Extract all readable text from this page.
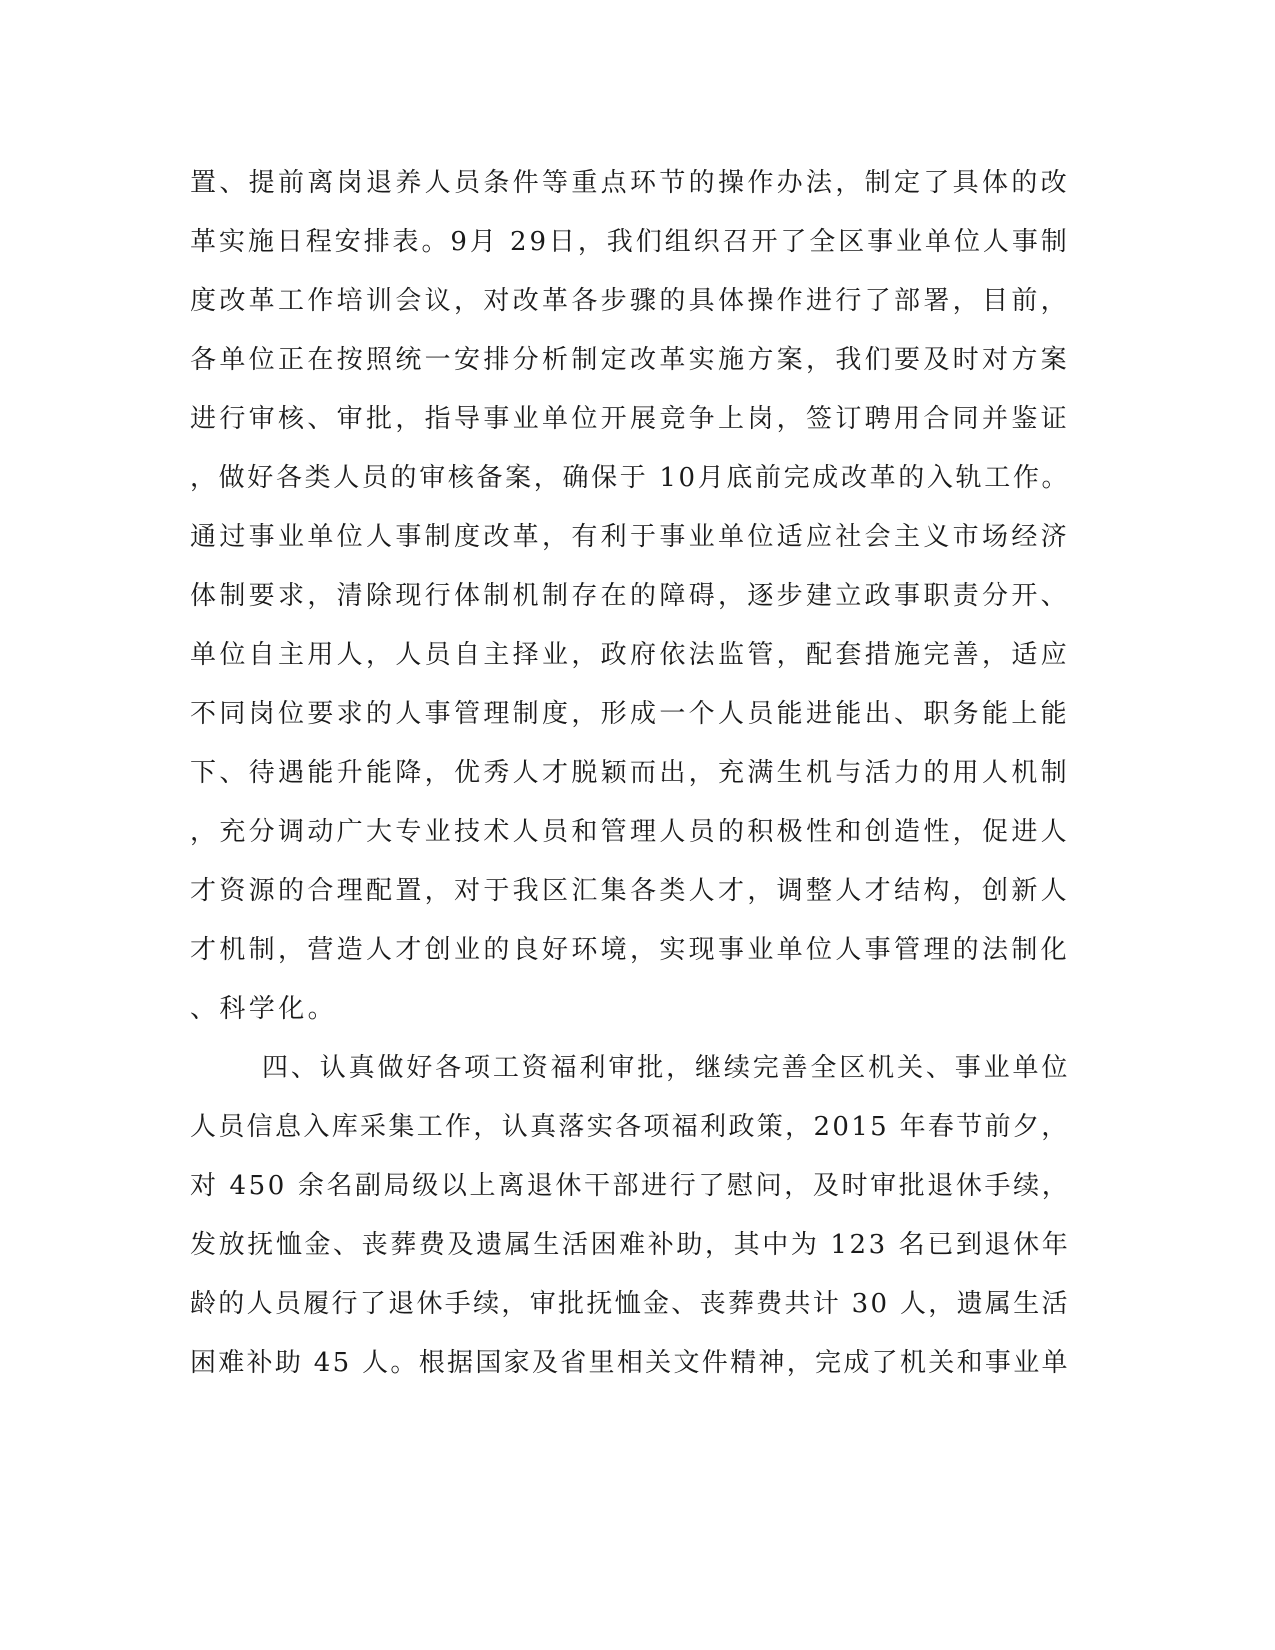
置、提前离岗退养人员条件等重点环节的操作办法，制定了具体的改
革实施日程安排表。9月 29日，我们组织召开了全区事业单位人事制
度改革工作培训会议，对改革各步骤的具体操作进行了部署，目前，
各单位正在按照统一安排分析制定改革实施方案，我们要及时对方案
进行审核、审批，指导事业单位开展竞争上岗，签订聘用合同并鉴证
，做好各类人员的审核备案，确保于 10月底前完成改革的入轨工作。
通过事业单位人事制度改革，有利于事业单位适应社会主义市场经济
体制要求，清除现行体制机制存在的障碍，逐步建立政事职责分开、
单位自主用人，人员自主择业，政府依法监管，配套措施完善，适应
不同岗位要求的人事管理制度，形成一个人员能进能出、职务能上能
下、待遇能升能降，优秀人才脱颖而出，充满生机与活力的用人机制
，充分调动广大专业技术人员和管理人员的积极性和创造性，促进人
才资源的合理配置，对于我区汇集各类人才，调整人才结构，创新人
才机制，营造人才创业的良好环境，实现事业单位人事管理的法制化
、科学化。
四、认真做好各项工资福利审批，继续完善全区机关、事业单位
人员信息入库采集工作，认真落实各项福利政策，2015 年春节前夕，
对 450 余名副局级以上离退休干部进行了慰问，及时审批退休手续，
发放抚恤金、丧葬费及遗属生活困难补助，其中为 123 名已到退休年
龄的人员履行了退休手续，审批抚恤金、丧葬费共计 30 人，遗属生活
困难补助 45 人。根据国家及省里相关文件精神，完成了机关和事业单
